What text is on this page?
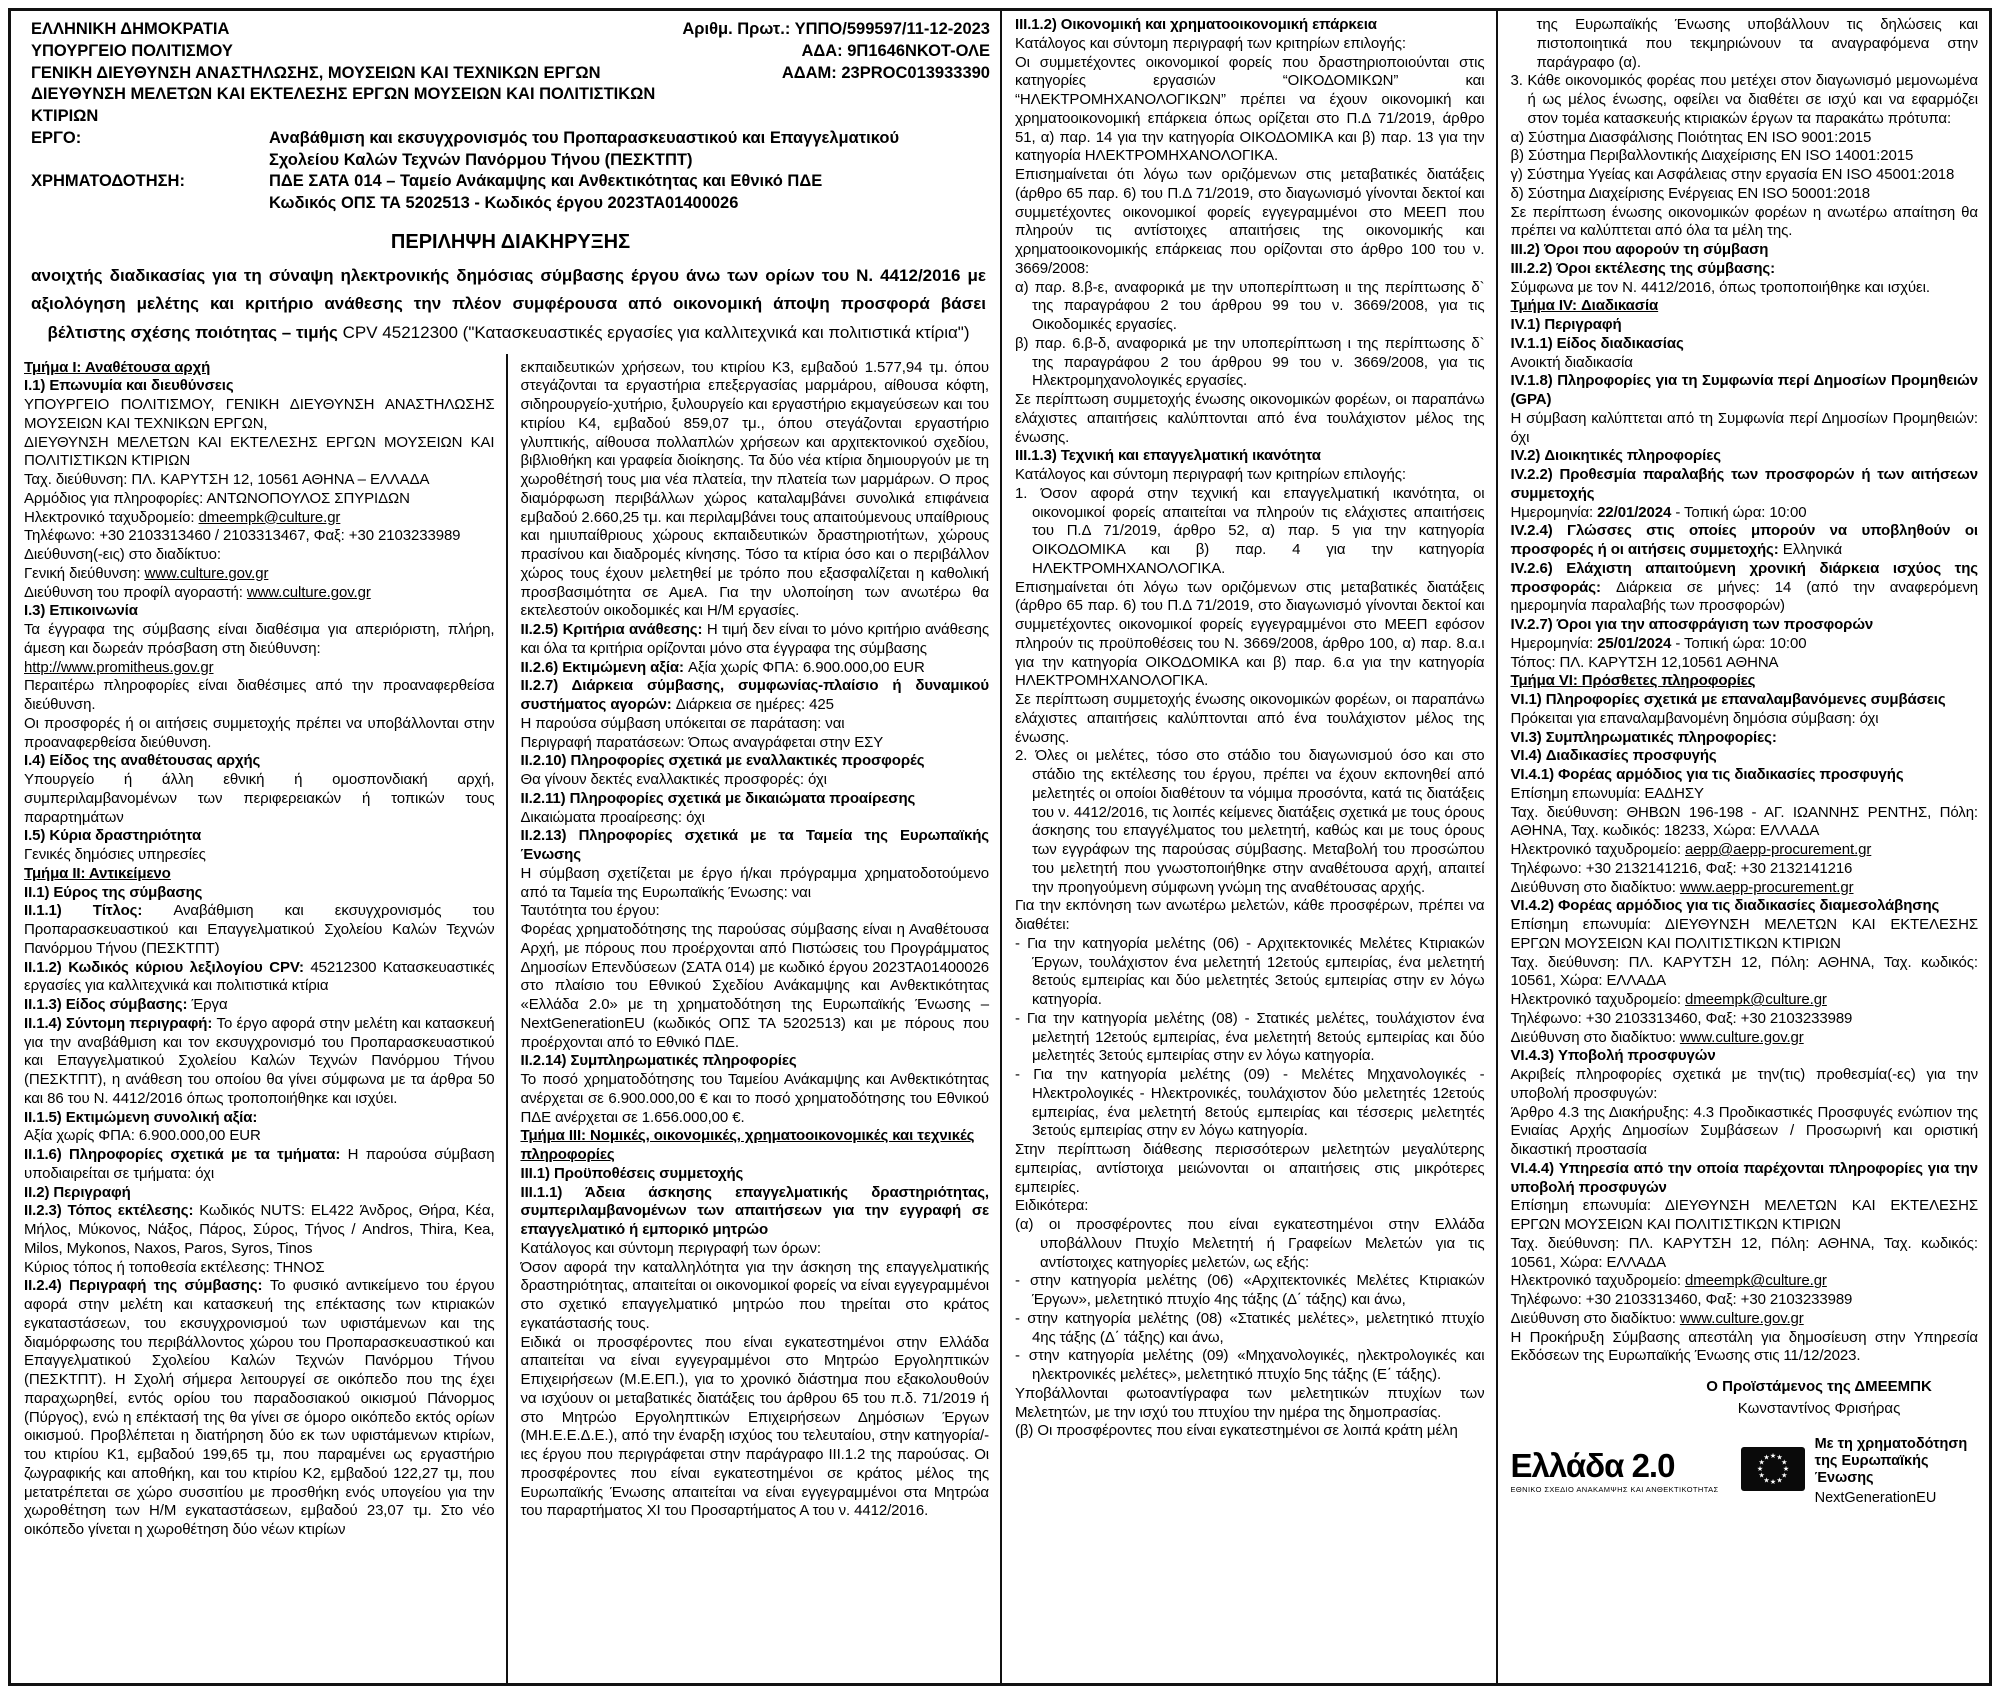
ΕΛΛΗΝΙΚΗ ΔΗΜΟΚΡΑΤΙΑ
ΥΠΟΥΡΓΕΙΟ ΠΟΛΙΤΙΣΜΟΥ
ΓΕΝΙΚΗ ΔΙΕΥΘΥΝΣΗ ΑΝΑΣΤΗΛΩΣΗΣ, ΜΟΥΣΕΙΩΝ ΚΑΙ ΤΕΧΝΙΚΩΝ ΕΡΓΩΝ
ΔΙΕΥΘΥΝΣΗ ΜΕΛΕΤΩΝ ΚΑΙ ΕΚΤΕΛΕΣΗΣ ΕΡΓΩΝ ΜΟΥΣΕΙΩΝ ΚΑΙ ΠΟΛΙΤΙΣΤΙΚΩΝ ΚΤΙΡΙΩΝ
Αριθμ. Πρωτ.: ΥΠΠΟ/599597/11-12-2023
ΑΔΑ: 9Π1646ΝΚΟΤ-ΟΛΕ
ΑΔΑΜ: 23PROC013933390
ΕΡΓΟ:	Αναβάθμιση και εκσυγχρονισμός του Προπαρασκευαστικού και Επαγγελματικού Σχολείου Καλών Τεχνών Πανόρμου Τήνου (ΠΕΣΚΤΠΤ)
ΧΡΗΜΑΤΟΔΟΤΗΣΗ:	ΠΔΕ ΣΑΤΑ 014 – Ταμείο Ανάκαμψης και Ανθεκτικότητας και Εθνικό ΠΔΕ
Κωδικός ΟΠΣ ΤΑ 5202513 - Κωδικός έργου 2023ΤΑ01400026
ΠΕΡΙΛΗΨΗ ΔΙΑΚΗΡΥΞΗΣ
ανοιχτής διαδικασίας για τη σύναψη ηλεκτρονικής δημόσιας σύμβασης έργου άνω των ορίων του Ν. 4412/2016 με αξιολόγηση μελέτης και κριτήριο ανάθεσης την πλέον συμφέρουσα από οικονομική άποψη προσφορά βάσει βέλτιστης σχέσης ποιότητας – τιμής CPV 45212300 ("Κατασκευαστικές εργασίες για καλλιτεχνικά και πολιτιστικά κτίρια")
Τμήμα Ι: Αναθέτουσα αρχή
Ι.1) Επωνυμία και διευθύνσεις
ΥΠΟΥΡΓΕΙΟ ΠΟΛΙΤΙΣΜΟΥ, ΓΕΝΙΚΗ ΔΙΕΥΘΥΝΣΗ ΑΝΑΣΤΗΛΩΣΗΣ ΜΟΥΣΕΙΩΝ ΚΑΙ ΤΕΧΝΙΚΩΝ ΕΡΓΩΝ,
ΔΙΕΥΘΥΝΣΗ ΜΕΛΕΤΩΝ ΚΑΙ ΕΚΤΕΛΕΣΗΣ ΕΡΓΩΝ ΜΟΥΣΕΙΩΝ ΚΑΙ ΠΟΛΙΤΙΣΤΙΚΩΝ ΚΤΙΡΙΩΝ
Ταχ. διεύθυνση: ΠΛ. ΚΑΡΥΤΣΗ 12, 10561 ΑΘΗΝΑ – ΕΛΛΑΔΑ
Αρμόδιος για πληροφορίες: ΑΝΤΩΝΟΠΟΥΛΟΣ ΣΠΥΡΙΔΩΝ
Ηλεκτρονικό ταχυδρομείο: dmeempk@culture.gr
Τηλέφωνο: +30 2103313460 / 2103313467, Φαξ: +30 2103233989
Διεύθυνση(-εις) στο διαδίκτυο:
Γενική διεύθυνση: www.culture.gov.gr
Διεύθυνση του προφίλ αγοραστή: www.culture.gov.gr
Ι.3) Επικοινωνία
Τα έγγραφα της σύμβασης είναι διαθέσιμα για απεριόριστη, πλήρη, άμεση και δωρεάν πρόσβαση στη διεύθυνση:
http://www.promitheus.gov.gr
Περαιτέρω πληροφορίες είναι διαθέσιμες από την προαναφερθείσα διεύθυνση.
Οι προσφορές ή οι αιτήσεις συμμετοχής πρέπει να υποβάλλονται στην προαναφερθείσα διεύθυνση.
Ι.4) Είδος της αναθέτουσας αρχής
Υπουργείο ή άλλη εθνική ή ομοσπονδιακή αρχή, συμπεριλαμβανομένων των περιφερειακών ή τοπικών τους παραρτημάτων
Ι.5) Κύρια δραστηριότητα
Γενικές δημόσιες υπηρεσίες
Τμήμα ΙΙ: Αντικείμενο
ΙΙ.1) Εύρος της σύμβασης
ΙΙ.1.1) Τίτλος: Αναβάθμιση και εκσυγχρονισμός του Προπαρασκευαστικού και Επαγγελματικού Σχολείου Καλών Τεχνών Πανόρμου Τήνου (ΠΕΣΚΤΠΤ)
ΙΙ.1.2) Κωδικός κύριου λεξιλογίου CPV: 45212300 Κατασκευαστικές εργασίες για καλλιτεχνικά και πολιτιστικά κτίρια
ΙΙ.1.3) Είδος σύμβασης: Έργα
ΙΙ.1.4) Σύντομη περιγραφή: Το έργο αφορά στην μελέτη και κατασκευή για την αναβάθμιση και τον εκσυγχρονισμό του Προπαρασκευαστικού και Επαγγελματικού Σχολείου Καλών Τεχνών Πανόρμου Τήνου (ΠΕΣΚΤΠΤ), η ανάθεση του οποίου θα γίνει σύμφωνα με τα άρθρα 50 και 86 του Ν. 4412/2016 όπως τροποποιήθηκε και ισχύει.
ΙΙ.1.5) Εκτιμώμενη συνολική αξία:
Αξία χωρίς ΦΠΑ: 6.900.000,00 EUR
ΙΙ.1.6) Πληροφορίες σχετικά με τα τμήματα: Η παρούσα σύμβαση υποδιαιρείται σε τμήματα: όχι
ΙΙ.2) Περιγραφή
ΙΙ.2.3) Τόπος εκτέλεσης: Κωδικός NUTS: EL422 Άνδρος, Θήρα, Κέα, Μήλος, Μύκονος, Νάξος, Πάρος, Σύρος, Τήνος / Andros, Thira, Kea, Milos, Mykonos, Naxos, Paros, Syros, Tinos
Κύριος τόπος ή τοποθεσία εκτέλεσης: ΤΗΝΟΣ
ΙΙ.2.4) Περιγραφή της σύμβασης: Το φυσικό αντικείμενο του έργου αφορά στην μελέτη και κατασκευή της επέκτασης των κτιριακών εγκαταστάσεων, του εκσυγχρονισμού των υφιστάμενων και της διαμόρφωσης του περιβάλλοντος χώρου του Προπαρασκευαστικού και Επαγγελματικού Σχολείου Καλών Τεχνών Πανόρμου Τήνου (ΠΕΣΚΤΠΤ). Η Σχολή σήμερα λειτουργεί σε οικόπεδο που της έχει παραχωρηθεί, εντός ορίου του παραδοσιακού οικισμού Πάνορμος (Πύργος), ενώ η επέκτασή της θα γίνει σε όμορο οικόπεδο εκτός ορίων οικισμού. Προβλέπεται η διατήρηση δύο εκ των υφιστάμενων κτιρίων, του κτιρίου Κ1, εμβαδού 199,65 τμ, που παραμένει ως εργαστήριο ζωγραφικής και αποθήκη, και του κτιρίου Κ2, εμβαδού 122,27 τμ, που μετατρέπεται σε χώρο συσσιτίου με προσθήκη ενός υπογείου για την χωροθέτηση των Η/Μ εγκαταστάσεων, εμβαδού 23,07 τμ. Στο νέο οικόπεδο γίνεται η χωροθέτηση δύο νέων κτιρίων
εκπαιδευτικών χρήσεων, του κτιρίου Κ3, εμβαδού 1.577,94 τμ. όπου στεγάζονται τα εργαστήρια επεξεργασίας μαρμάρου, αίθουσα κόφτη, σιδηρουργείο-χυτήριο, ξυλουργείο και εργαστήριο εκμαγεύσεων και του κτιρίου Κ4, εμβαδού 859,07 τμ., όπου στεγάζονται εργαστήριο γλυπτικής, αίθουσα πολλαπλών χρήσεων και αρχιτεκτονικού σχεδίου, βιβλιοθήκη και γραφεία διοίκησης. Τα δύο νέα κτίρια δημιουργούν με τη χωροθέτησή τους μια νέα πλατεία, την πλατεία των μαρμάρων. Ο προς διαμόρφωση περιβάλλων χώρος καταλαμβάνει συνολικά επιφάνεια εμβαδού 2.660,25 τμ. και περιλαμβάνει τους απαιτούμενους υπαίθριους και ημιυπαίθριους χώρους εκπαιδευτικών δραστηριοτήτων, χώρους πρασίνου και διαδρομές κίνησης. Τόσο τα κτίρια όσο και ο περιβάλλον χώρος τους έχουν μελετηθεί με τρόπο που εξασφαλίζεται η καθολική προσβασιμότητα σε ΑμεΑ. Για την υλοποίηση των ανωτέρω θα εκτελεστούν οικοδομικές και Η/Μ εργασίες.
ΙΙ.2.5) Κριτήρια ανάθεσης: Η τιμή δεν είναι το μόνο κριτήριο ανάθεσης και όλα τα κριτήρια ορίζονται μόνο στα έγγραφα της σύμβασης
ΙΙ.2.6) Εκτιμώμενη αξία: Αξία χωρίς ΦΠΑ: 6.900.000,00 EUR
ΙΙ.2.7) Διάρκεια σύμβασης, συμφωνίας-πλαίσιο ή δυναμικού συστήματος αγορών: Διάρκεια σε ημέρες: 425
Η παρούσα σύμβαση υπόκειται σε παράταση: ναι
Περιγραφή παρατάσεων: Όπως αναγράφεται στην ΕΣΥ
ΙΙ.2.10) Πληροφορίες σχετικά με εναλλακτικές προσφορές
Θα γίνουν δεκτές εναλλακτικές προσφορές: όχι
ΙΙ.2.11) Πληροφορίες σχετικά με δικαιώματα προαίρεσης
Δικαιώματα προαίρεσης: όχι
ΙΙ.2.13) Πληροφορίες σχετικά με τα Ταμεία της Ευρωπαϊκής Ένωσης
Η σύμβαση σχετίζεται με έργο ή/και πρόγραμμα χρηματοδοτούμενο από τα Ταμεία της Ευρωπαϊκής Ένωσης: ναι
Ταυτότητα του έργου:
Φορέας χρηματοδότησης της παρούσας σύμβασης είναι η Αναθέτουσα Αρχή, με πόρους που προέρχονται από Πιστώσεις του Προγράμματος Δημοσίων Επενδύσεων (ΣΑΤΑ 014) με κωδικό έργου 2023ΤΑ01400026 στο πλαίσιο του Εθνικού Σχεδίου Ανάκαμψης και Ανθεκτικότητας «Ελλάδα 2.0» με τη χρηματοδότηση της Ευρωπαϊκής Ένωσης – NextGenerationEU (κωδικός ΟΠΣ ΤΑ 5202513) και με πόρους που προέρχονται από το Εθνικό ΠΔΕ.
ΙΙ.2.14) Συμπληρωματικές πληροφορίες
Το ποσό χρηματοδότησης του Ταμείου Ανάκαμψης και Ανθεκτικότητας ανέρχεται σε 6.900.000,00 € και το ποσό χρηματοδότησης του Εθνικού ΠΔΕ ανέρχεται σε 1.656.000,00 €.
Τμήμα ΙΙΙ: Νομικές, οικονομικές, χρηματοοικονομικές και τεχνικές πληροφορίες
ΙΙΙ.1) Προϋποθέσεις συμμετοχής
ΙΙΙ.1.1) Άδεια άσκησης επαγγελματικής δραστηριότητας, συμπεριλαμβανομένων των απαιτήσεων για την εγγραφή σε επαγγελματικό ή εμπορικό μητρώο
Κατάλογος και σύντομη περιγραφή των όρων:
Όσον αφορά την καταλληλότητα για την άσκηση της επαγγελματικής δραστηριότητας, απαιτείται οι οικονομικοί φορείς να είναι εγγεγραμμένοι στο σχετικό επαγγελματικό μητρώο που τηρείται στο κράτος εγκατάστασής τους.
Ειδικά οι προσφέροντες που είναι εγκατεστημένοι στην Ελλάδα απαιτείται να είναι εγγεγραμμένοι στο Μητρώο Εργοληπτικών Επιχειρήσεων (Μ.Ε.ΕΠ.), για το χρονικό διάστημα που εξακολουθούν να ισχύουν οι μεταβατικές διατάξεις του άρθρου 65 του π.δ. 71/2019 ή στο Μητρώο Εργοληπτικών Επιχειρήσεων Δημόσιων Έργων (ΜΗ.Ε.Ε.Δ.Ε.), από την έναρξη ισχύος του τελευταίου, στην κατηγορία/-ιες έργου που περιγράφεται στην παράγραφο ΙΙΙ.1.2 της παρούσας. Οι προσφέροντες που είναι εγκατεστημένοι σε κράτος μέλος της Ευρωπαϊκής Ένωσης απαιτείται να είναι εγγεγραμμένοι στα Μητρώα του παραρτήματος ΧΙ του Προσαρτήματος Α του ν. 4412/2016.
ΙΙΙ.1.2) Οικονομική και χρηματοοικονομική επάρκεια
Κατάλογος και σύντομη περιγραφή των κριτηρίων επιλογής:
Οι συμμετέχοντες οικονομικοί φορείς που δραστηριοποιούνται στις κατηγορίες εργασιών “ΟΙΚΟΔΟΜΙΚΩΝ” και “ΗΛΕΚΤΡΟΜΗΧΑΝΟΛΟΓΙΚΩΝ” πρέπει να έχουν οικονομική και χρηματοοικονομική επάρκεια όπως ορίζεται στο Π.Δ 71/2019, άρθρο 51, α) παρ. 14 για την κατηγορία ΟΙΚΟΔΟΜΙΚΑ και β) παρ. 13 για την κατηγορία ΗΛΕΚΤΡΟΜΗΧΑΝΟΛΟΓΙΚΑ.
Επισημαίνεται ότι λόγω των οριζόμενων στις μεταβατικές διατάξεις (άρθρο 65 παρ. 6) του Π.Δ 71/2019, στο διαγωνισμό γίνονται δεκτοί και συμμετέχοντες οικονομικοί φορείς εγγεγραμμένοι στο ΜΕΕΠ που πληρούν τις αντίστοιχες απαιτήσεις της οικονομικής και χρηματοοικονομικής επάρκειας που ορίζονται στο άρθρο 100 του ν. 3669/2008:
α) παρ. 8.β-ε, αναφορικά με την υποπερίπτωση ιι της περίπτωσης δ` της παραγράφου 2 του άρθρου 99 του ν. 3669/2008, για τις Οικοδομικές εργασίες.
β) παρ. 6.β-δ, αναφορικά με την υποπερίπτωση ι της περίπτωσης δ` της παραγράφου 2 του άρθρου 99 του ν. 3669/2008, για τις Ηλεκτρομηχανολογικές εργασίες.
Σε περίπτωση συμμετοχής ένωσης οικονομικών φορέων, οι παραπάνω ελάχιστες απαιτήσεις καλύπτονται από ένα τουλάχιστον μέλος της ένωσης.
ΙΙΙ.1.3) Τεχνική και επαγγελματική ικανότητα
Κατάλογος και σύντομη περιγραφή των κριτηρίων επιλογής:
1. Όσον αφορά στην τεχνική και επαγγελματική ικανότητα, οι οικονομικοί φορείς απαιτείται να πληρούν τις ελάχιστες απαιτήσεις του Π.Δ 71/2019, άρθρο 52, α) παρ. 5 για την κατηγορία ΟΙΚΟΔΟΜΙΚΑ και β) παρ. 4 για την κατηγορία ΗΛΕΚΤΡΟΜΗΧΑΝΟΛΟΓΙΚΑ.
Επισημαίνεται ότι λόγω των οριζόμενων στις μεταβατικές διατάξεις (άρθρο 65 παρ. 6) του Π.Δ 71/2019, στο διαγωνισμό γίνονται δεκτοί και συμμετέχοντες οικονομικοί φορείς εγγεγραμμένοι στο ΜΕΕΠ εφόσον πληρούν τις προϋποθέσεις του Ν. 3669/2008, άρθρο 100, α) παρ. 8.α.ι για την κατηγορία ΟΙΚΟΔΟΜΙΚΑ και β) παρ. 6.α για την κατηγορία ΗΛΕΚΤΡΟΜΗΧΑΝΟΛΟΓΙΚΑ.
Σε περίπτωση συμμετοχής ένωσης οικονομικών φορέων, οι παραπάνω ελάχιστες απαιτήσεις καλύπτονται από ένα τουλάχιστον μέλος της ένωσης.
2. Όλες οι μελέτες, τόσο στο στάδιο του διαγωνισμού όσο και στο στάδιο της εκτέλεσης του έργου, πρέπει να έχουν εκπονηθεί από μελετητές οι οποίοι διαθέτουν τα νόμιμα προσόντα, κατά τις διατάξεις του ν. 4412/2016, τις λοιπές κείμενες διατάξεις σχετικά με τους όρους άσκησης του επαγγέλματος του μελετητή, καθώς και με τους όρους των εγγράφων της παρούσας σύμβασης. Μεταβολή του προσώπου του μελετητή που γνωστοποιήθηκε στην αναθέτουσα αρχή, απαιτεί την προηγούμενη σύμφωνη γνώμη της αναθέτουσας αρχής.
Για την εκπόνηση των ανωτέρω μελετών, κάθε προσφέρων, πρέπει να διαθέτει:
- Για την κατηγορία μελέτης (06) - Αρχιτεκτονικές Μελέτες Κτιριακών Έργων, τουλάχιστον ένα μελετητή 12ετούς εμπειρίας, ένα μελετητή 8ετούς εμπειρίας και δύο μελετητές 3ετούς εμπειρίας στην εν λόγω κατηγορία.
- Για την κατηγορία μελέτης (08) - Στατικές μελέτες, τουλάχιστον ένα μελετητή 12ετούς εμπειρίας, ένα μελετητή 8ετούς εμπειρίας και δύο μελετητές 3ετούς εμπειρίας στην εν λόγω κατηγορία.
- Για την κατηγορία μελέτης (09) - Μελέτες Μηχανολογικές - Ηλεκτρολογικές - Ηλεκτρονικές, τουλάχιστον δύο μελετητές 12ετούς εμπειρίας, ένα μελετητή 8ετούς εμπειρίας και τέσσερις μελετητές 3ετούς εμπειρίας στην εν λόγω κατηγορία.
Στην περίπτωση διάθεσης περισσότερων μελετητών μεγαλύτερης εμπειρίας, αντίστοιχα μειώνονται οι απαιτήσεις στις μικρότερες εμπειρίες.
Ειδικότερα:
(α) οι προσφέροντες που είναι εγκατεστημένοι στην Ελλάδα υποβάλλουν Πτυχίο Μελετητή ή Γραφείων Μελετών για τις αντίστοιχες κατηγορίες μελετών, ως εξής:
- στην κατηγορία μελέτης (06) «Αρχιτεκτονικές Μελέτες Κτιριακών Έργων», μελετητικό πτυχίο 4ης τάξης (Δ΄ τάξης) και άνω,
- στην κατηγορία μελέτης (08) «Στατικές μελέτες», μελετητικό πτυχίο 4ης τάξης (Δ΄ τάξης) και άνω,
- στην κατηγορία μελέτης (09) «Μηχανολογικές, ηλεκτρολογικές και ηλεκτρονικές μελέτες», μελετητικό πτυχίο 5ης τάξης (Ε΄ τάξης).
Υποβάλλονται φωτοαντίγραφα των μελετητικών πτυχίων των Μελετητών, με την ισχύ του πτυχίου την ημέρα της δημοπρασίας.
(β) Οι προσφέροντες που είναι εγκατεστημένοι σε λοιπά κράτη μέλη
της Ευρωπαϊκής Ένωσης υποβάλλουν τις δηλώσεις και πιστοποιητικά που τεκμηριώνουν τα αναγραφόμενα στην παράγραφο (α).
3. Κάθε οικονομικός φορέας που μετέχει στον διαγωνισμό μεμονωμένα ή ως μέλος ένωσης, οφείλει να διαθέτει σε ισχύ και να εφαρμόζει στον τομέα κατασκευής κτιριακών έργων τα παρακάτω πρότυπα:
α) Σύστημα Διασφάλισης Ποιότητας EN ISO 9001:2015
β) Σύστημα Περιβαλλοντικής Διαχείρισης EN ISO 14001:2015
γ) Σύστημα Υγείας και Ασφάλειας στην εργασία EN ISO 45001:2018
δ) Σύστημα Διαχείρισης Ενέργειας EN ISO 50001:2018
Σε περίπτωση ένωσης οικονομικών φορέων η ανωτέρω απαίτηση θα πρέπει να καλύπτεται από όλα τα μέλη της.
ΙΙΙ.2) Όροι που αφορούν τη σύμβαση
ΙΙΙ.2.2) Όροι εκτέλεσης της σύμβασης:
Σύμφωνα με τον Ν. 4412/2016, όπως τροποποιήθηκε και ισχύει.
Τμήμα IV: Διαδικασία
IV.1) Περιγραφή
IV.1.1) Είδος διαδικασίας
Ανοικτή διαδικασία
IV.1.8) Πληροφορίες για τη Συμφωνία περί Δημοσίων Προμηθειών (GPA)
Η σύμβαση καλύπτεται από τη Συμφωνία περί Δημοσίων Προμηθειών: όχι
IV.2) Διοικητικές πληροφορίες
IV.2.2) Προθεσμία παραλαβής των προσφορών ή των αιτήσεων συμμετοχής
Ημερομηνία: 22/01/2024 - Τοπική ώρα: 10:00
IV.2.4) Γλώσσες στις οποίες μπορούν να υποβληθούν οι προσφορές ή οι αιτήσεις συμμετοχής: Ελληνικά
IV.2.6) Ελάχιστη απαιτούμενη χρονική διάρκεια ισχύος της προσφοράς: Διάρκεια σε μήνες: 14 (από την αναφερόμενη ημερομηνία παραλαβής των προσφορών)
IV.2.7) Όροι για την αποσφράγιση των προσφορών
Ημερομηνία: 25/01/2024 - Τοπική ώρα: 10:00
Τόπος: ΠΛ. ΚΑΡΥΤΣΗ 12,10561 ΑΘΗΝΑ
Τμήμα VI: Πρόσθετες πληροφορίες
VI.1) Πληροφορίες σχετικά με επαναλαμβανόμενες συμβάσεις
Πρόκειται για επαναλαμβανομένη δημόσια σύμβαση: όχι
VI.3) Συμπληρωματικές πληροφορίες:
VI.4) Διαδικασίες προσφυγής
VI.4.1) Φορέας αρμόδιος για τις διαδικασίες προσφυγής
Επίσημη επωνυμία: ΕΑΔΗΣΥ
Ταχ. διεύθυνση: ΘΗΒΩΝ 196-198 - ΑΓ. ΙΩΑΝΝΗΣ ΡΕΝΤΗΣ, Πόλη: ΑΘΗΝΑ, Ταχ. κωδικός: 18233, Χώρα: ΕΛΛΑΔΑ
Ηλεκτρονικό ταχυδρομείο: aepp@aepp-procurement.gr
Τηλέφωνο: +30 2132141216, Φαξ: +30 2132141216
Διεύθυνση στο διαδίκτυο: www.aepp-procurement.gr
VI.4.2) Φορέας αρμόδιος για τις διαδικασίες διαμεσολάβησης
Επίσημη επωνυμία: ΔΙΕΥΘΥΝΣΗ ΜΕΛΕΤΩΝ ΚΑΙ ΕΚΤΕΛΕΣΗΣ ΕΡΓΩΝ ΜΟΥΣΕΙΩΝ ΚΑΙ ΠΟΛΙΤΙΣΤΙΚΩΝ ΚΤΙΡΙΩΝ
Ταχ. διεύθυνση: ΠΛ. ΚΑΡΥΤΣΗ 12, Πόλη: ΑΘΗΝΑ, Ταχ. κωδικός: 10561, Χώρα: ΕΛΛΑΔΑ
Ηλεκτρονικό ταχυδρομείο: dmeempk@culture.gr
Τηλέφωνο: +30 2103313460, Φαξ: +30 2103233989
Διεύθυνση στο διαδίκτυο: www.culture.gov.gr
VI.4.3) Υποβολή προσφυγών
Ακριβείς πληροφορίες σχετικά με την(τις) προθεσμία(-ες) για την υποβολή προσφυγών:
Άρθρο 4.3 της Διακήρυξης: 4.3 Προδικαστικές Προσφυγές ενώπιον της Ενιαίας Αρχής Δημοσίων Συμβάσεων / Προσωρινή και οριστική δικαστική προστασία
VI.4.4) Υπηρεσία από την οποία παρέχονται πληροφορίες για την υποβολή προσφυγών
Επίσημη επωνυμία: ΔΙΕΥΘΥΝΣΗ ΜΕΛΕΤΩΝ ΚΑΙ ΕΚΤΕΛΕΣΗΣ ΕΡΓΩΝ ΜΟΥΣΕΙΩΝ ΚΑΙ ΠΟΛΙΤΙΣΤΙΚΩΝ ΚΤΙΡΙΩΝ
Ταχ. διεύθυνση: ΠΛ. ΚΑΡΥΤΣΗ 12, Πόλη: ΑΘΗΝΑ, Ταχ. κωδικός: 10561, Χώρα: ΕΛΛΑΔΑ
Ηλεκτρονικό ταχυδρομείο: dmeempk@culture.gr
Τηλέφωνο: +30 2103313460, Φαξ: +30 2103233989
Διεύθυνση στο διαδίκτυο: www.culture.gov.gr
Η Προκήρυξη Σύμβασης απεστάλη για δημοσίευση στην Υπηρεσία Εκδόσεων της Ευρωπαϊκής Ένωσης στις 11/12/2023.
Ο Προϊστάμενος της ΔΜΕΕΜΠΚ
Κωνσταντίνος Φρισήρας
Ελλάδα 2.0
ΕΘΝΙΚΟ ΣΧΕΔΙΟ ΑΝΑΚΑΜΨΗΣ ΚΑΙ ΑΝΘΕΚΤΙΚΟΤΗΤΑΣ
★ ★
★
★
★
★
★
★
★
★
★
★
Με τη χρηματοδότηση
της Ευρωπαϊκής Ένωσης
NextGenerationEU
